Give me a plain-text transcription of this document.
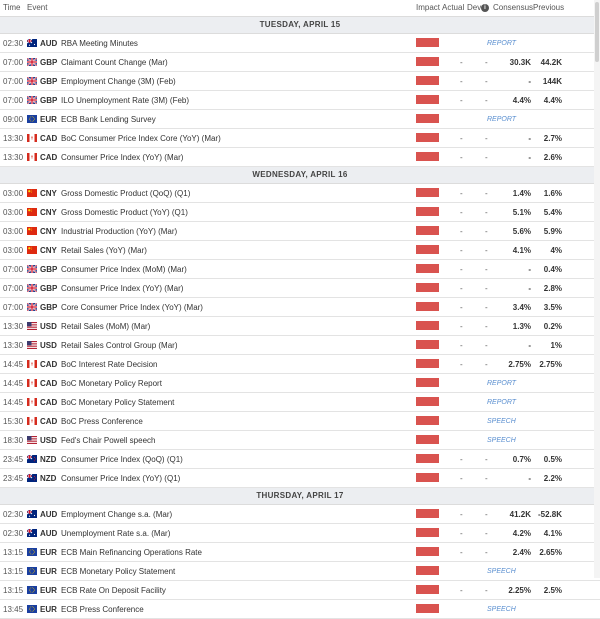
Time Event	Impact Actual Dev i Consensus Previous
TUESDAY, APRIL 15
02:30 AUD RBA Meeting Minutes	REPORT
07:00 GBP Claimant Count Change (Mar)	-	-	30.3K 44.2K
07:00 GBP Employment Change (3M) (Feb)	-	-	- 144K
07:00 GBP ILO Unemployment Rate (3M) (Feb)	-	-	4.4% 4.4%
09:00 EUR ECB Bank Lending Survey	REPORT
13:30 CAD BoC Consumer Price Index Core (YoY) (Mar)	-	-	- 2.7%
13:30 CAD Consumer Price Index (YoY) (Mar)	-	-	- 2.6%
WEDNESDAY, APRIL 16
03:00 CNY Gross Domestic Product (QoQ) (Q1)	-	-	1.4% 1.6%
03:00 CNY Gross Domestic Product (YoY) (Q1)	-	-	5.1% 5.4%
03:00 CNY Industrial Production (YoY) (Mar)	-	-	5.6% 5.9%
03:00 CNY Retail Sales (YoY) (Mar)	-	-	4.1% 4%
07:00 GBP Consumer Price Index (MoM) (Mar)	-	-	- 0.4%
07:00 GBP Consumer Price Index (YoY) (Mar)	-	-	- 2.8%
07:00 GBP Core Consumer Price Index (YoY) (Mar)	-	-	3.4% 3.5%
13:30 USD Retail Sales (MoM) (Mar)	-	-	1.3% 0.2%
13:30 USD Retail Sales Control Group (Mar)	-	-	- 1%
14:45 CAD BoC Interest Rate Decision	-	-	2.75% 2.75%
14:45 CAD BoC Monetary Policy Report	REPORT
14:45 CAD BoC Monetary Policy Statement	REPORT
15:30 CAD BoC Press Conference	SPEECH
18:30 USD Fed's Chair Powell speech	SPEECH
23:45 NZD Consumer Price Index (QoQ) (Q1)	-	-	0.7% 0.5%
23:45 NZD Consumer Price Index (YoY) (Q1)	-	-	- 2.2%
THURSDAY, APRIL 17
02:30 AUD Employment Change s.a. (Mar)	-	-	41.2K -52.8K
02:30 AUD Unemployment Rate s.a. (Mar)	-	-	4.2% 4.1%
13:15 EUR ECB Main Refinancing Operations Rate	-	-	2.4% 2.65%
13:15 EUR ECB Monetary Policy Statement	SPEECH
13:15 EUR ECB Rate On Deposit Facility	-	-	2.25% 2.5%
13:45 EUR ECB Press Conference	SPEECH
